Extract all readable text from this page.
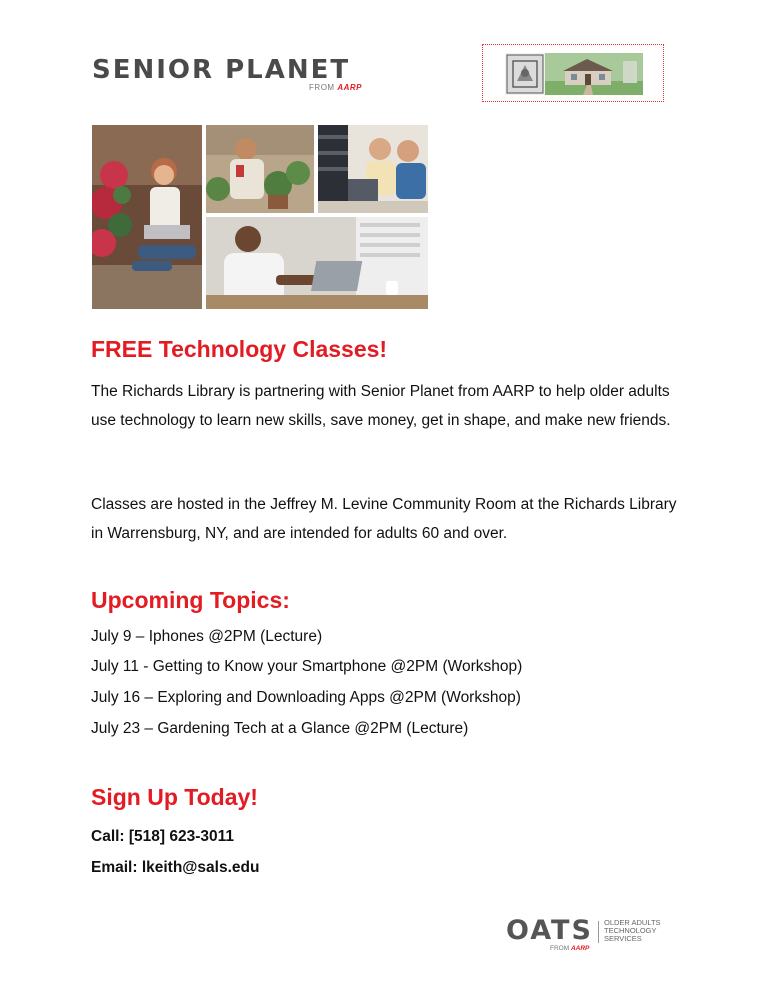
SENIOR PLANET
FROM AARP
FREE Technology Classes!

The Richards Library is partnering with Senior Planet from AARP to help older adults use technology to learn new skills, save money, get in shape, and make new friends.

Classes are hosted in the Jeffrey M. Levine Community Room at the Richards Library in Warrensburg, NY, and are intended for adults 60 and over.

Upcoming Topics:
July 9 – Iphones @2PM (Lecture)
July 11 - Getting to Know your Smartphone @2PM (Workshop)
July 16 – Exploring and Downloading Apps @2PM (Workshop)
July 23 – Gardening Tech at a Glance @2PM (Lecture)
Sign Up Today!
Call: [518] 623-3011
Email: lkeith@sals.edu
OATS OLDER ADULTS
TECHNOLOGY
SERVICES
FROM AARP
